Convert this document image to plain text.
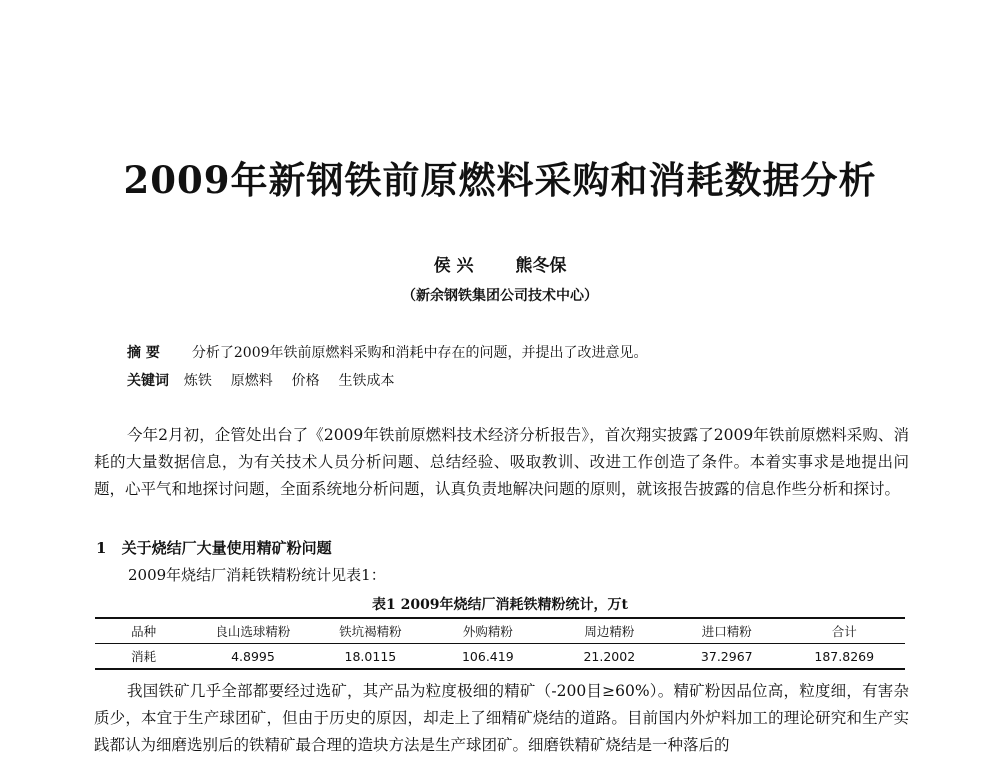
2009年新钢铁前原燃料采购和消耗数据分析
侯 兴 熊冬保
（新余钢铁集团公司技术中心）
摘 要 分析了2009年铁前原燃料采购和消耗中存在的问题，并提出了改进意见。
关键词 炼铁 原燃料 价格 生铁成本

今年2月初，企管处出台了《2009年铁前原燃料技术经济分析报告》，首次翔实披露了2009年铁前原燃料采购、消耗的大量数据信息，为有关技术人员分析问题、总结经验、吸取教训、改进工作创造了条件。本着实事求是地提出问题，心平气和地探讨问题，全面系统地分析问题，认真负责地解决问题的原则，就该报告披露的信息作些分析和探讨。

1 关于烧结厂大量使用精矿粉问题
2009年烧结厂消耗铁精粉统计见表1：
表1 2009年烧结厂消耗铁精粉统计，万t
品种	良山选球精粉	铁坑褐精粉	外购精粉	周边精粉	进口精粉	合计
消耗	4.8995	18.0115	106.419	21.2002	37.2967	187.8269

我国铁矿几乎全部都要经过选矿，其产品为粒度极细的精矿（-200目≥60%）。精矿粉因品位高，粒度细，有害杂质少，本宜于生产球团矿，但由于历史的原因，却走上了细精矿烧结的道路。目前国内外炉料加工的理论研究和生产实践都认为细磨选别后的铁精矿最合理的造块方法是生产球团矿。细磨铁精矿烧结是一种落后的
